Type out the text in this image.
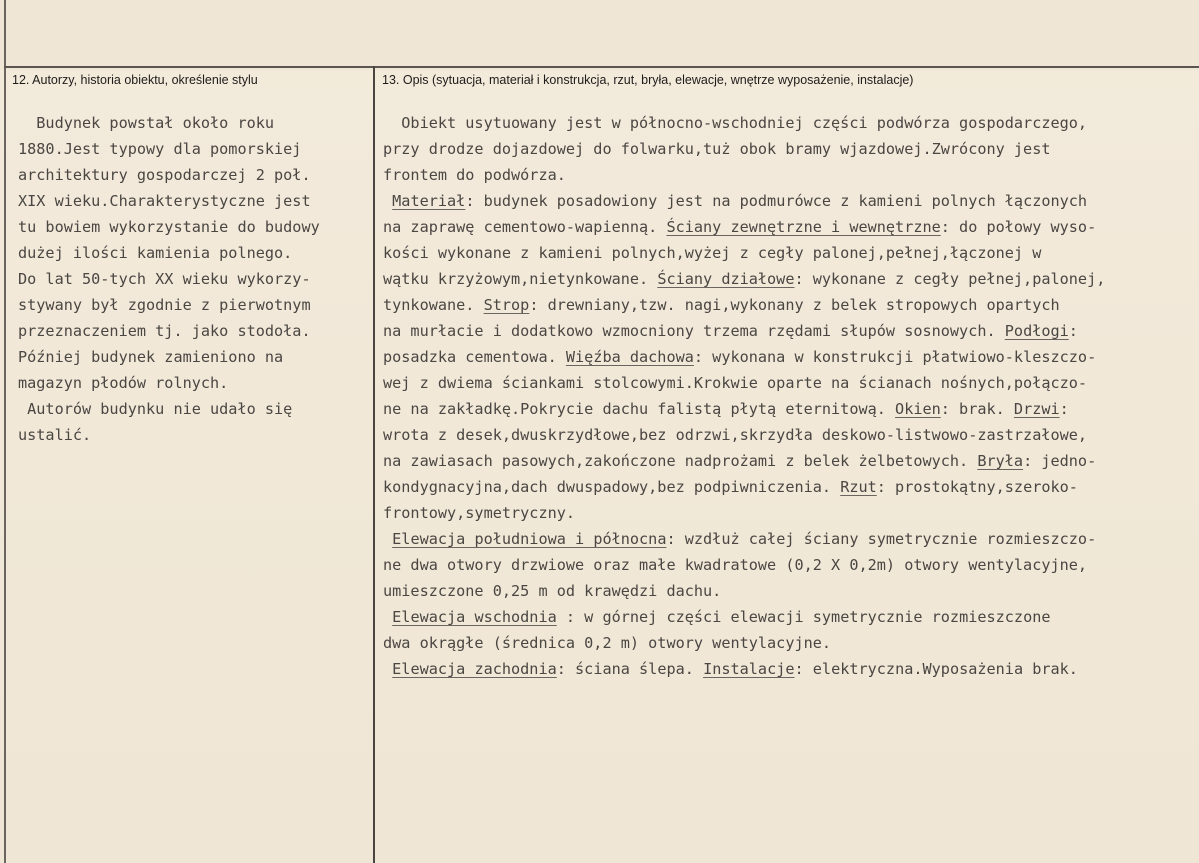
12. Autorzy, historia obiektu, określenie stylu	13. Opis (sytuacja, materiał i konstrukcja, rzut, bryła, elewacje, wnętrze wyposażenie, instalacje)
Budynek powstał około roku
1880.Jest typowy dla pomorskiej
architektury gospodarczej 2 poł.
XIX wieku.Charakterystyczne jest
tu bowiem wykorzystanie do budowy
dużej ilości kamienia polnego.
Do lat 50-tych XX wieku wykorzy-
stywany był zgodnie z pierwotnym
przeznaczeniem tj. jako stodoła.
Później budynek zamieniono na
magazyn płodów rolnych.
Autorów budynku nie udało się
ustalić.
Obiekt usytuowany jest w północno-wschodniej części podwórza gospodarczego,
przy drodze dojazdowej do folwarku,tuż obok bramy wjazdowej.Zwrócony jest
frontem do podwórza.
Materiał: budynek posadowiony jest na podmurówce z kamieni polnych łączonych
na zaprawę cementowo-wapienną. Ściany zewnętrzne i wewnętrzne: do połowy wyso-
kości wykonane z kamieni polnych,wyżej z cegły palonej,pełnej,łączonej w
wątku krzyżowym,nietynkowane. Ściany działowe: wykonane z cegły pełnej,palonej,
tynkowane. Strop: drewniany,tzw. nagi,wykonany z belek stropowych opartych
na murłacie i dodatkowo wzmocniony trzema rzędami słupów sosnowych. Podłogi:
posadzka cementowa. Więźba dachowa: wykonana w konstrukcji płatwiowo-kleszczo-
wej z dwiema ściankami stolcowymi.Krokwie oparte na ścianach nośnych,połączo-
ne na zakładkę.Pokrycie dachu falistą płytą eternitową. Okien: brak. Drzwi:
wrota z desek,dwuskrzydłowe,bez odrzwi,skrzydła deskowo-listwowo-zastrzałowe,
na zawiasach pasowych,zakończone nadprożami z belek żelbetowych. Bryła: jedno-
kondygnacyjna,dach dwuspadowy,bez podpiwniczenia. Rzut: prostokątny,szeroko-
frontowy,symetryczny.
Elewacja południowa i północna: wzdłuż całej ściany symetrycznie rozmieszczo-
ne dwa otwory drzwiowe oraz małe kwadratowe (0,2 X 0,2m) otwory wentylacyjne,
umieszczone 0,25 m od krawędzi dachu.
Elewacja wschodnia : w górnej części elewacji symetrycznie rozmieszczone
dwa okrągłe (średnica 0,2 m) otwory wentylacyjne.
Elewacja zachodnia: ściana ślepa. Instalacje: elektryczna.Wyposażenia brak.
